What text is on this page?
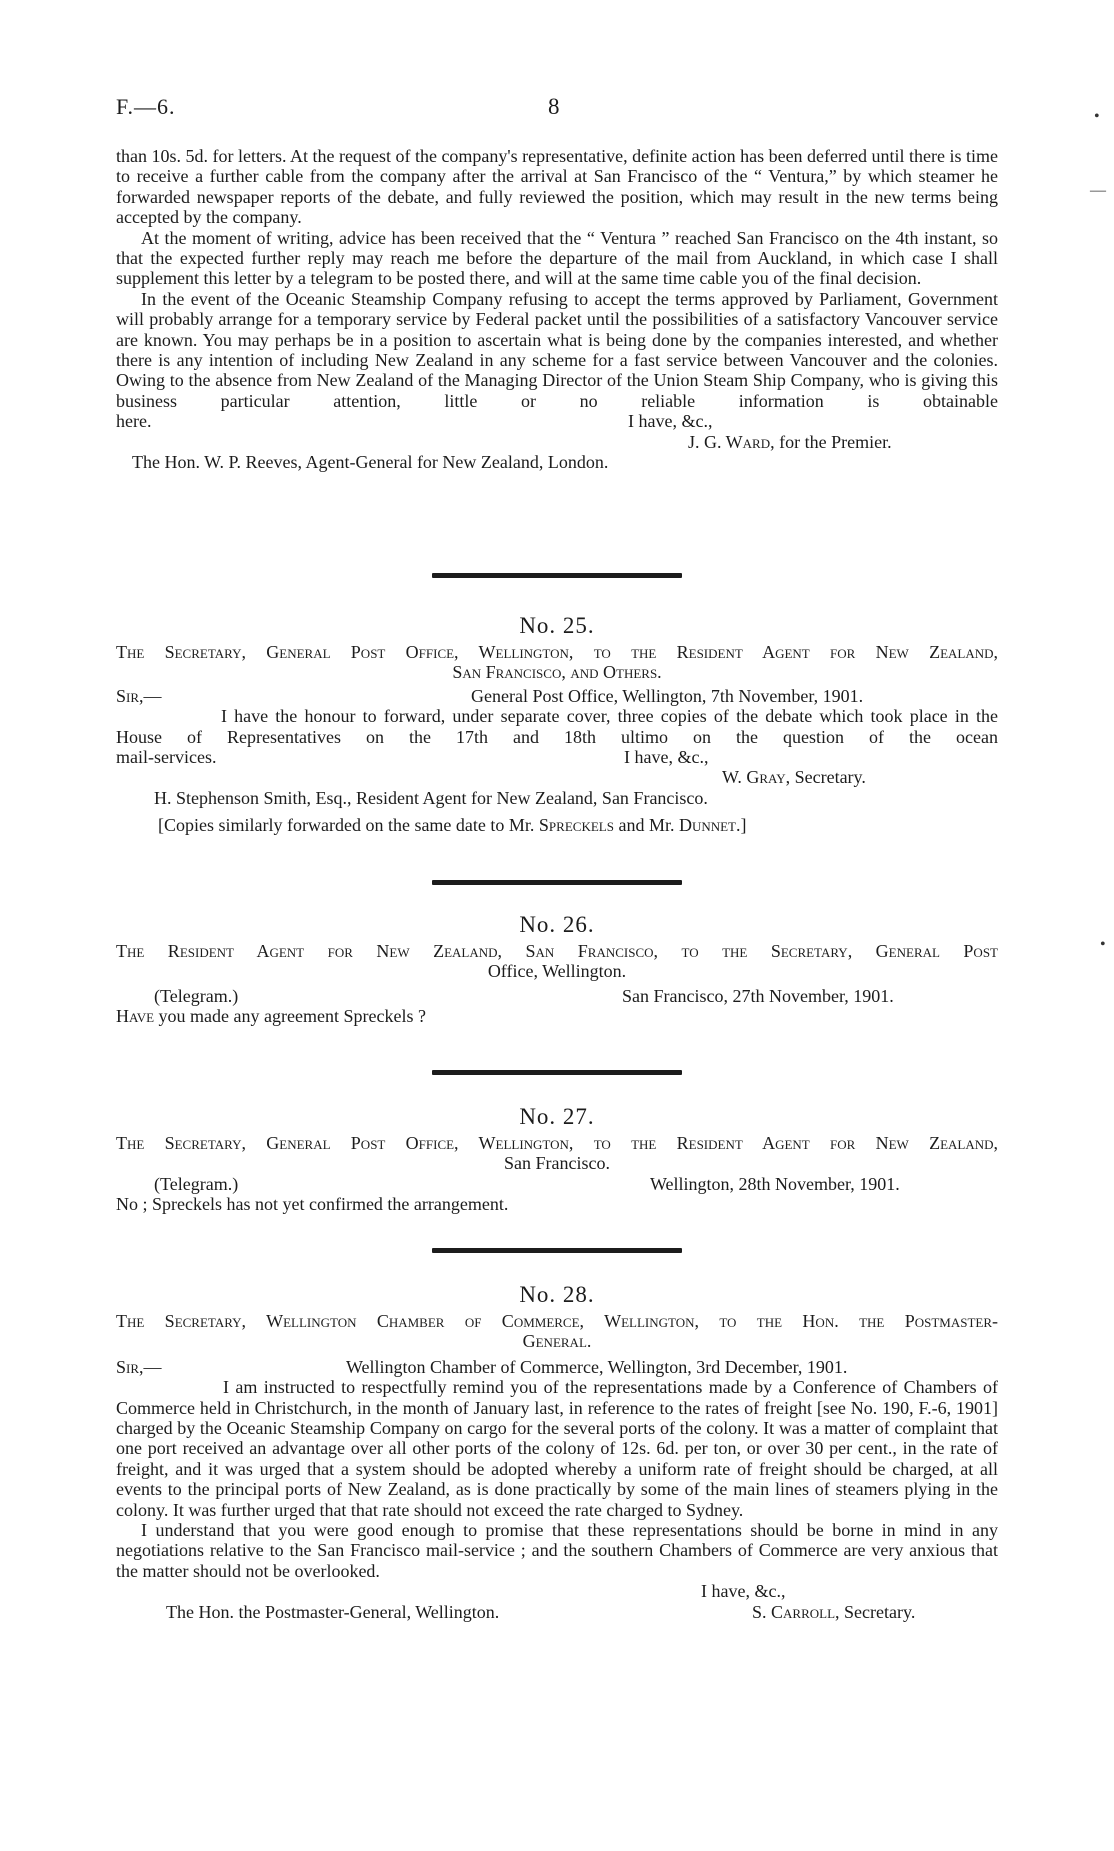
F.—6.	8

than 10s. 5d. for letters. At the request of the company's representative, definite action has been deferred until there is time to receive a further cable from the company after the arrival at San Francisco of the “ Ventura,” by which steamer he forwarded newspaper reports of the debate, and fully reviewed the position, which may result in the new terms being accepted by the company.

At the moment of writing, advice has been received that the “ Ventura ” reached San Francisco on the 4th instant, so that the expected further reply may reach me before the departure of the mail from Auckland, in which case I shall supplement this letter by a telegram to be posted there, and will at the same time cable you of the final decision.

In the event of the Oceanic Steamship Company refusing to accept the terms approved by Parliament, Government will probably arrange for a temporary service by Federal packet until the possibilities of a satisfactory Vancouver service are known. You may perhaps be in a position to ascertain what is being done by the companies interested, and whether there is any intention of including New Zealand in any scheme for a fast service between Vancouver and the colonies. Owing to the absence from New Zealand of the Managing Director of the Union Steam Ship Company, who is giving this business particular attention, little or no reliable information is obtainable

here.	I have, &c.,
J. G. Ward, for the Premier.
The Hon. W. P. Reeves, Agent-General for New Zealand, London.
No. 25.

The Secretary, General Post Office, Wellington, to the Resident Agent for New Zealand,

San Francisco, and Others.

Sir,—	General Post Office, Wellington, 7th November, 1901.

I have the honour to forward, under separate cover, three copies of the debate which took place in the House of Representatives on the 17th and 18th ultimo on the question of the ocean

mail-services.	I have, &c.,
W. Gray, Secretary.
H. Stephenson Smith, Esq., Resident Agent for New Zealand, San Francisco.
[Copies similarly forwarded on the same date to Mr. Spreckels and Mr. Dunnet.]
No. 26.

The Resident Agent for New Zealand, San Francisco, to the Secretary, General Post

Office, Wellington.

(Telegram.)	San Francisco, 27th November, 1901.
Have you made any agreement Spreckels ?
No. 27.

The Secretary, General Post Office, Wellington, to the Resident Agent for New Zealand,

San Francisco.

(Telegram.)	Wellington, 28th November, 1901.
No ; Spreckels has not yet confirmed the arrangement.
No. 28.

The Secretary, Wellington Chamber of Commerce, Wellington, to the Hon. the Postmaster-

General.

Sir,—	Wellington Chamber of Commerce, Wellington, 3rd December, 1901.

I am instructed to respectfully remind you of the representations made by a Conference of Chambers of Commerce held in Christchurch, in the month of January last, in reference to the rates of freight [see No. 190, F.-6, 1901] charged by the Oceanic Steamship Company on cargo for the several ports of the colony. It was a matter of complaint that one port received an advantage over all other ports of the colony of 12s. 6d. per ton, or over 30 per cent., in the rate of freight, and it was urged that a system should be adopted whereby a uniform rate of freight should be charged, at all events to the principal ports of New Zealand, as is done practically by some of the main lines of steamers plying in the colony. It was further urged that that rate should not exceed the rate charged to Sydney.

I understand that you were good enough to promise that these representations should be borne in mind in any negotiations relative to the San Francisco mail-service ; and the southern Chambers of Commerce are very anxious that the matter should not be overlooked.

I have, &c.,
The Hon. the Postmaster-General, Wellington.	S. Carroll, Secretary.
•
—
•
